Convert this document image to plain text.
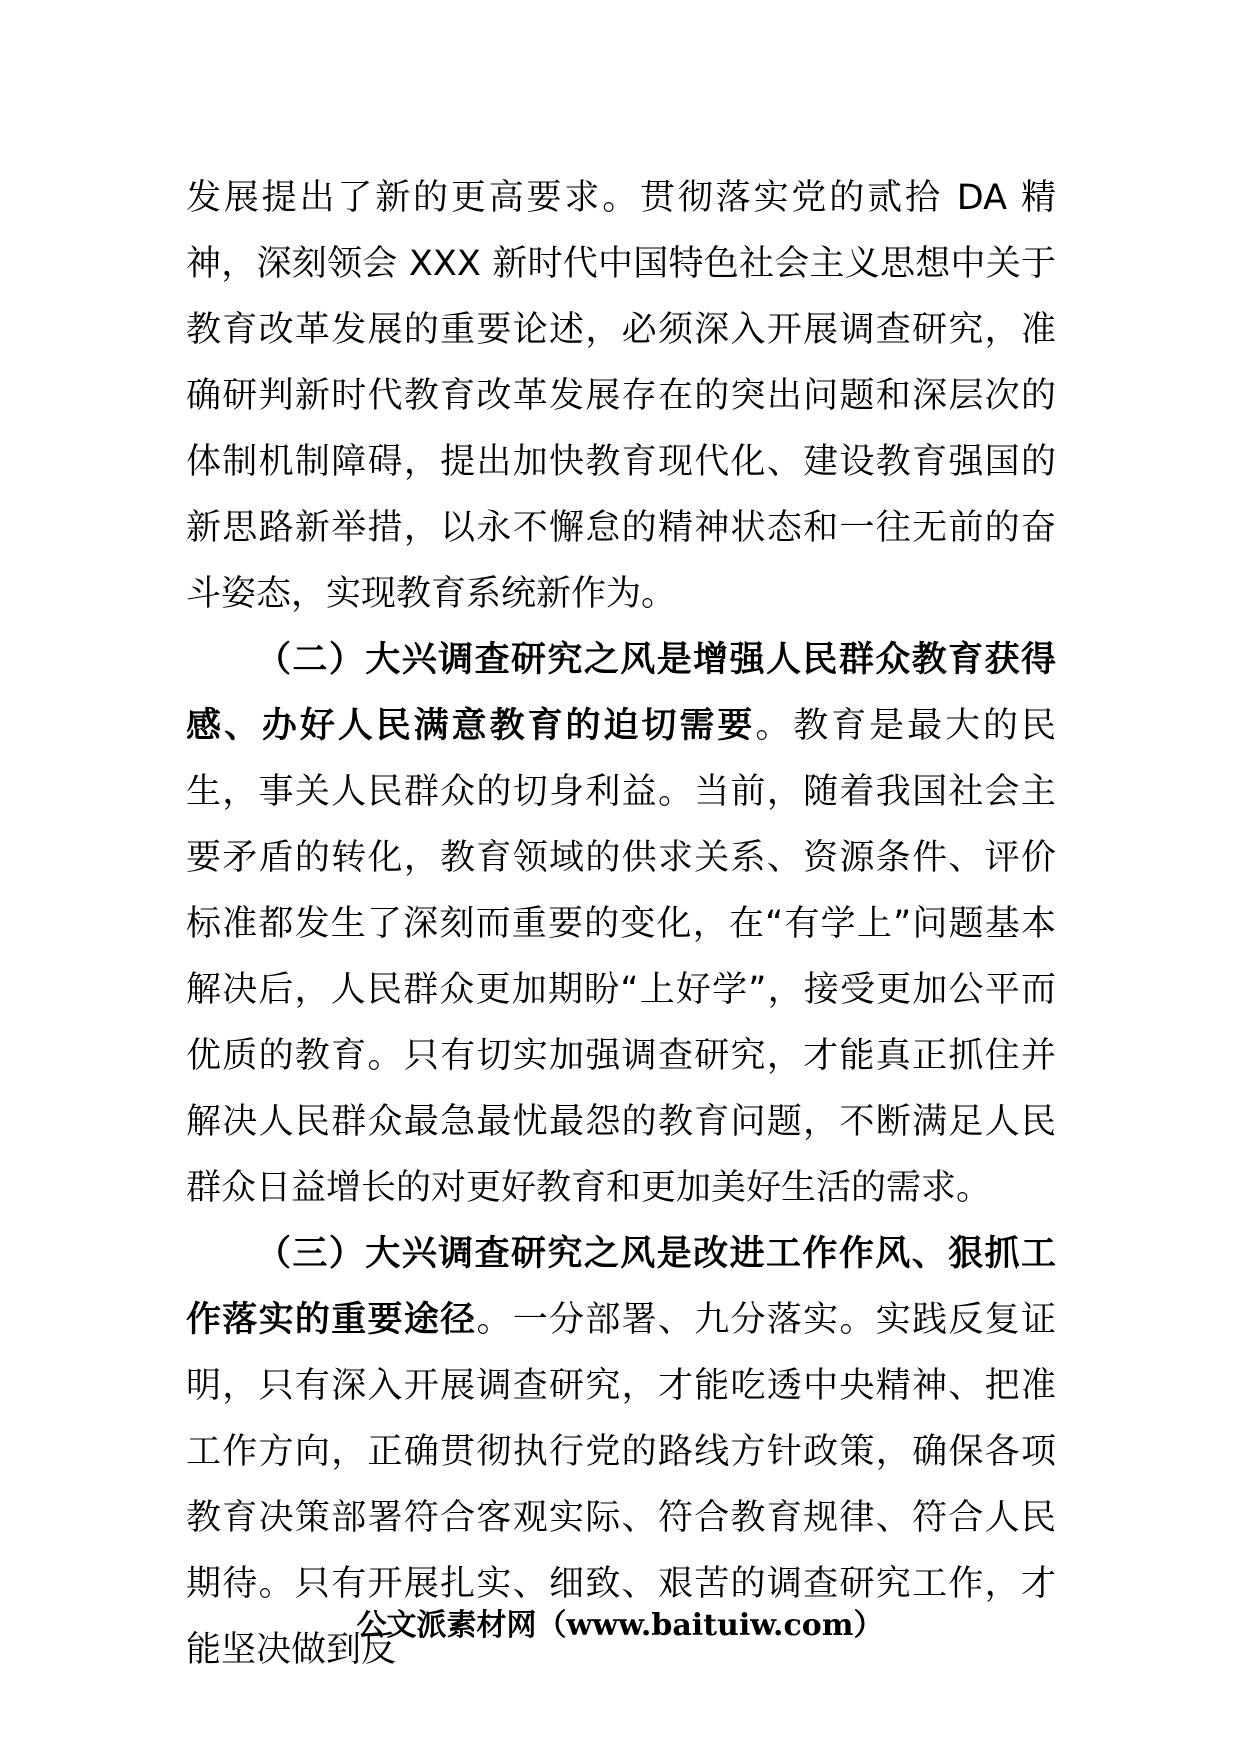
发展提出了新的更高要求。贯彻落实党的贰拾 DA 精神，深刻领会 XXX 新时代中国特色社会主义思想中关于教育改革发展的重要论述，必须深入开展调查研究，准确研判新时代教育改革发展存在的突出问题和深层次的体制机制障碍，提出加快教育现代化、建设教育强国的新思路新举措，以永不懈怠的精神状态和一往无前的奋斗姿态，实现教育系统新作为。

（二）大兴调查研究之风是增强人民群众教育获得感、办好人民满意教育的迫切需要。教育是最大的民生，事关人民群众的切身利益。当前，随着我国社会主要矛盾的转化，教育领域的供求关系、资源条件、评价标准都发生了深刻而重要的变化，在“有学上”问题基本解决后，人民群众更加期盼“上好学”，接受更加公平而优质的教育。只有切实加强调查研究，才能真正抓住并解决人民群众最急最忧最怨的教育问题，不断满足人民群众日益增长的对更好教育和更加美好生活的需求。

（三）大兴调查研究之风是改进工作作风、狠抓工作落实的重要途径。一分部署、九分落实。实践反复证明，只有深入开展调查研究，才能吃透中央精神、把准工作方向，正确贯彻执行党的路线方针政策，确保各项教育决策部署符合客观实际、符合教育规律、符合人民期待。只有开展扎实、细致、艰苦的调查研究工作，才能坚决做到反

公文派素材网（www.baituiw.com）
